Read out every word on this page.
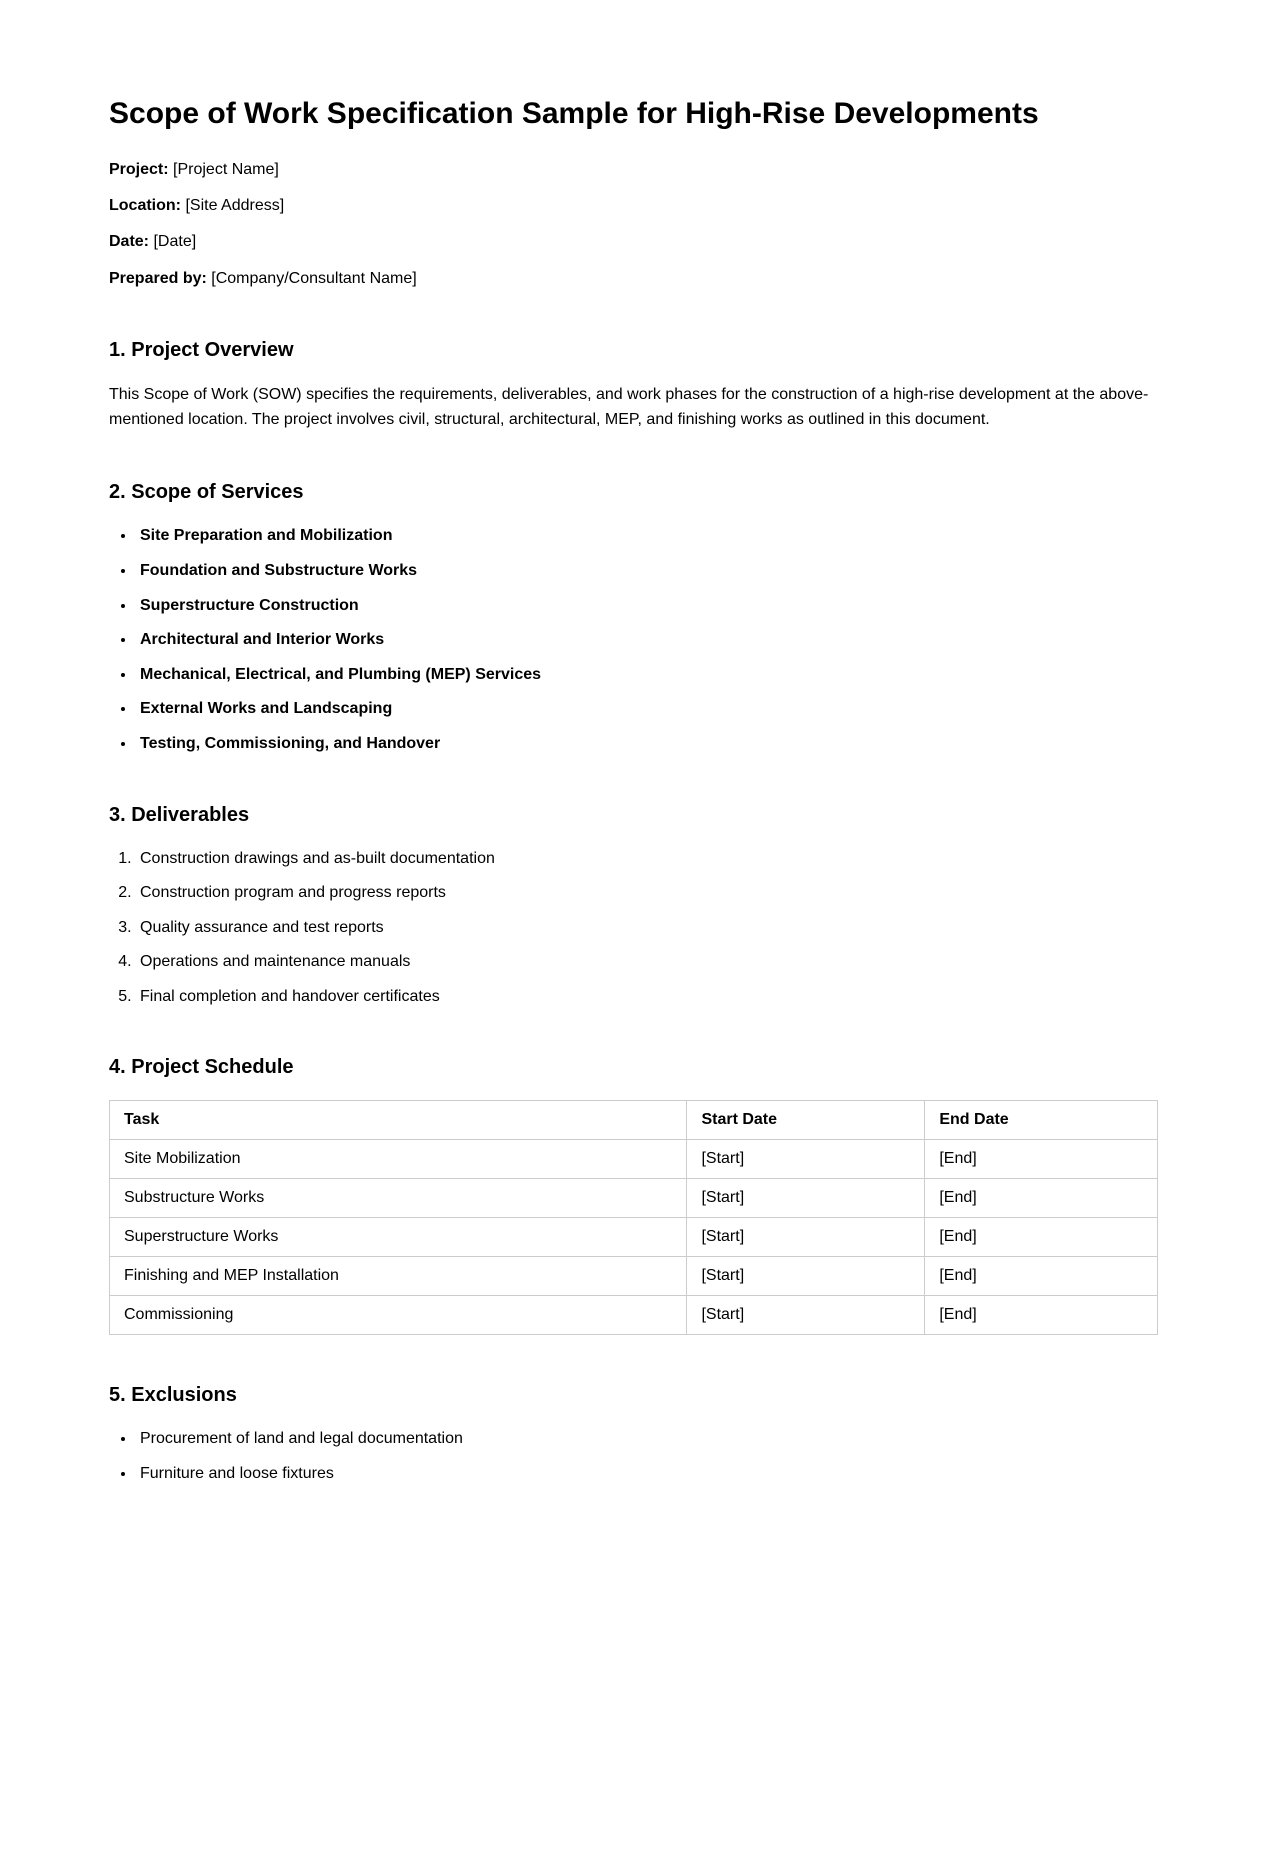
Scope of Work Specification Sample for High-Rise Developments

Project: [Project Name]

Location: [Site Address]

Date: [Date]

Prepared by: [Company/Consultant Name]

1. Project Overview

This Scope of Work (SOW) specifies the requirements, deliverables, and work phases for the construction of a high-rise development at the above-mentioned location. The project involves civil, structural, architectural, MEP, and finishing works as outlined in this document.

2. Scope of Services
• Site Preparation and Mobilization
• Foundation and Substructure Works
• Superstructure Construction
• Architectural and Interior Works
• Mechanical, Electrical, and Plumbing (MEP) Services
• External Works and Landscaping
• Testing, Commissioning, and Handover
3. Deliverables
1. Construction drawings and as-built documentation
2. Construction program and progress reports
3. Quality assurance and test reports
4. Operations and maintenance manuals
5. Final completion and handover certificates
4. Project Schedule
Task	Start Date	End Date
Site Mobilization	[Start]	[End]
Substructure Works	[Start]	[End]
Superstructure Works	[Start]	[End]
Finishing and MEP Installation	[Start]	[End]
Commissioning	[Start]	[End]
5. Exclusions
• Procurement of land and legal documentation
• Furniture and loose fixtures
